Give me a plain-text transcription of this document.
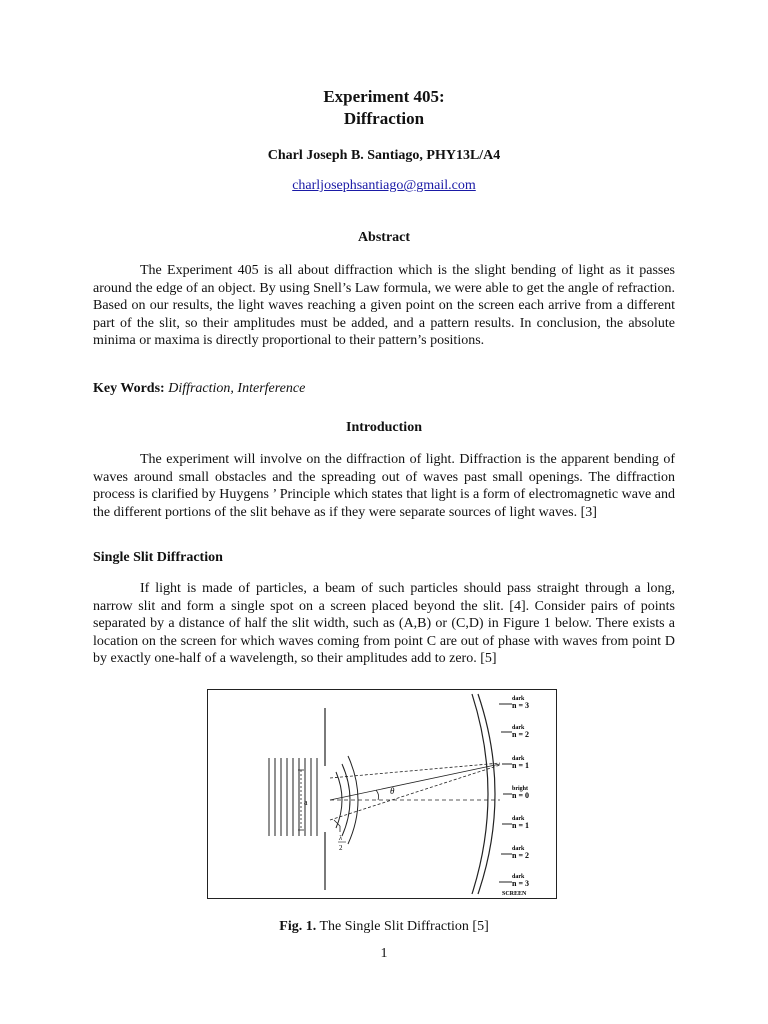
Experiment 405:
Diffraction
Charl Joseph B. Santiago, PHY13L/A4
charljosephsantiago@gmail.com
Abstract

The Experiment 405 is all about diffraction which is the slight bending of light as it passes around the edge of an object. By using Snell’s Law formula, we were able to get the angle of refraction. Based on our results, the light waves reaching a given point on the screen each arrive from a different part of the slit, so their amplitudes must be added, and a pattern results. In conclusion, the absolute minima or maxima is directly proportional to their pattern’s positions.

Key Words: Diffraction, Interference
Introduction

The experiment will involve on the diffraction of light. Diffraction is the apparent bending of waves around small obstacles and the spreading out of waves past small openings. The diffraction process is clarified by Huygens ’ Principle which states that light is a form of electromagnetic wave and the different portions of the slit behave as if they were separate sources of light waves. [3]

Single Slit Diffraction

If light is made of particles, a beam of such particles should pass straight through a long, narrow slit and form a single spot on a screen placed beyond the slit. [4]. Consider pairs of points separated by a distance of half the slit width, such as (A,B) or (C,D) in Figure 1 below. There exists a location on the screen for which waves coming from point C are out of phase with waves from point D by exactly one-half of a wavelength, so their amplitudes add to zero. [5]

a
θ
λ
2
dark
n = 3
dark
n = 2
dark
n = 1
bright
n = 0
dark
n = 1
dark
n = 2
dark
n = 3
SCREEN
Fig. 1. The Single Slit Diffraction [5]
1
